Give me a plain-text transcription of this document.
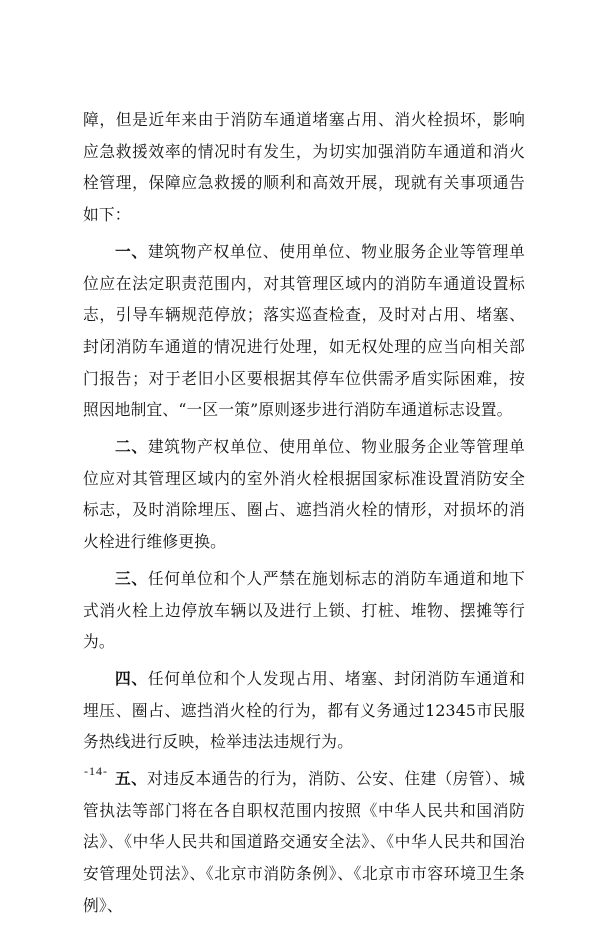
障，但是近年来由于消防车通道堵塞占用、消火栓损坏，影响应急救援效率的情况时有发生，为切实加强消防车通道和消火栓管理，保障应急救援的顺利和高效开展，现就有关事项通告如下：

一、建筑物产权单位、使用单位、物业服务企业等管理单位应在法定职责范围内，对其管理区域内的消防车通道设置标志，引导车辆规范停放；落实巡查检查，及时对占用、堵塞、封闭消防车通道的情况进行处理，如无权处理的应当向相关部门报告；对于老旧小区要根据其停车位供需矛盾实际困难，按照因地制宜、“一区一策”原则逐步进行消防车通道标志设置。

二、建筑物产权单位、使用单位、物业服务企业等管理单位应对其管理区域内的室外消火栓根据国家标准设置消防安全标志，及时消除埋压、圈占、遮挡消火栓的情形，对损坏的消火栓进行维修更换。

三、任何单位和个人严禁在施划标志的消防车通道和地下式消火栓上边停放车辆以及进行上锁、打桩、堆物、摆摊等行为。

四、任何单位和个人发现占用、堵塞、封闭消防车通道和埋压、圈占、遮挡消火栓的行为，都有义务通过12345市民服务热线进行反映，检举违法违规行为。

五、对违反本通告的行为，消防、公安、住建（房管）、城管执法等部门将在各自职权范围内按照《中华人民共和国消防法》、《中华人民共和国道路交通安全法》、《中华人民共和国治安管理处罚法》、《北京市消防条例》、《北京市市容环境卫生条例》、

-14-
